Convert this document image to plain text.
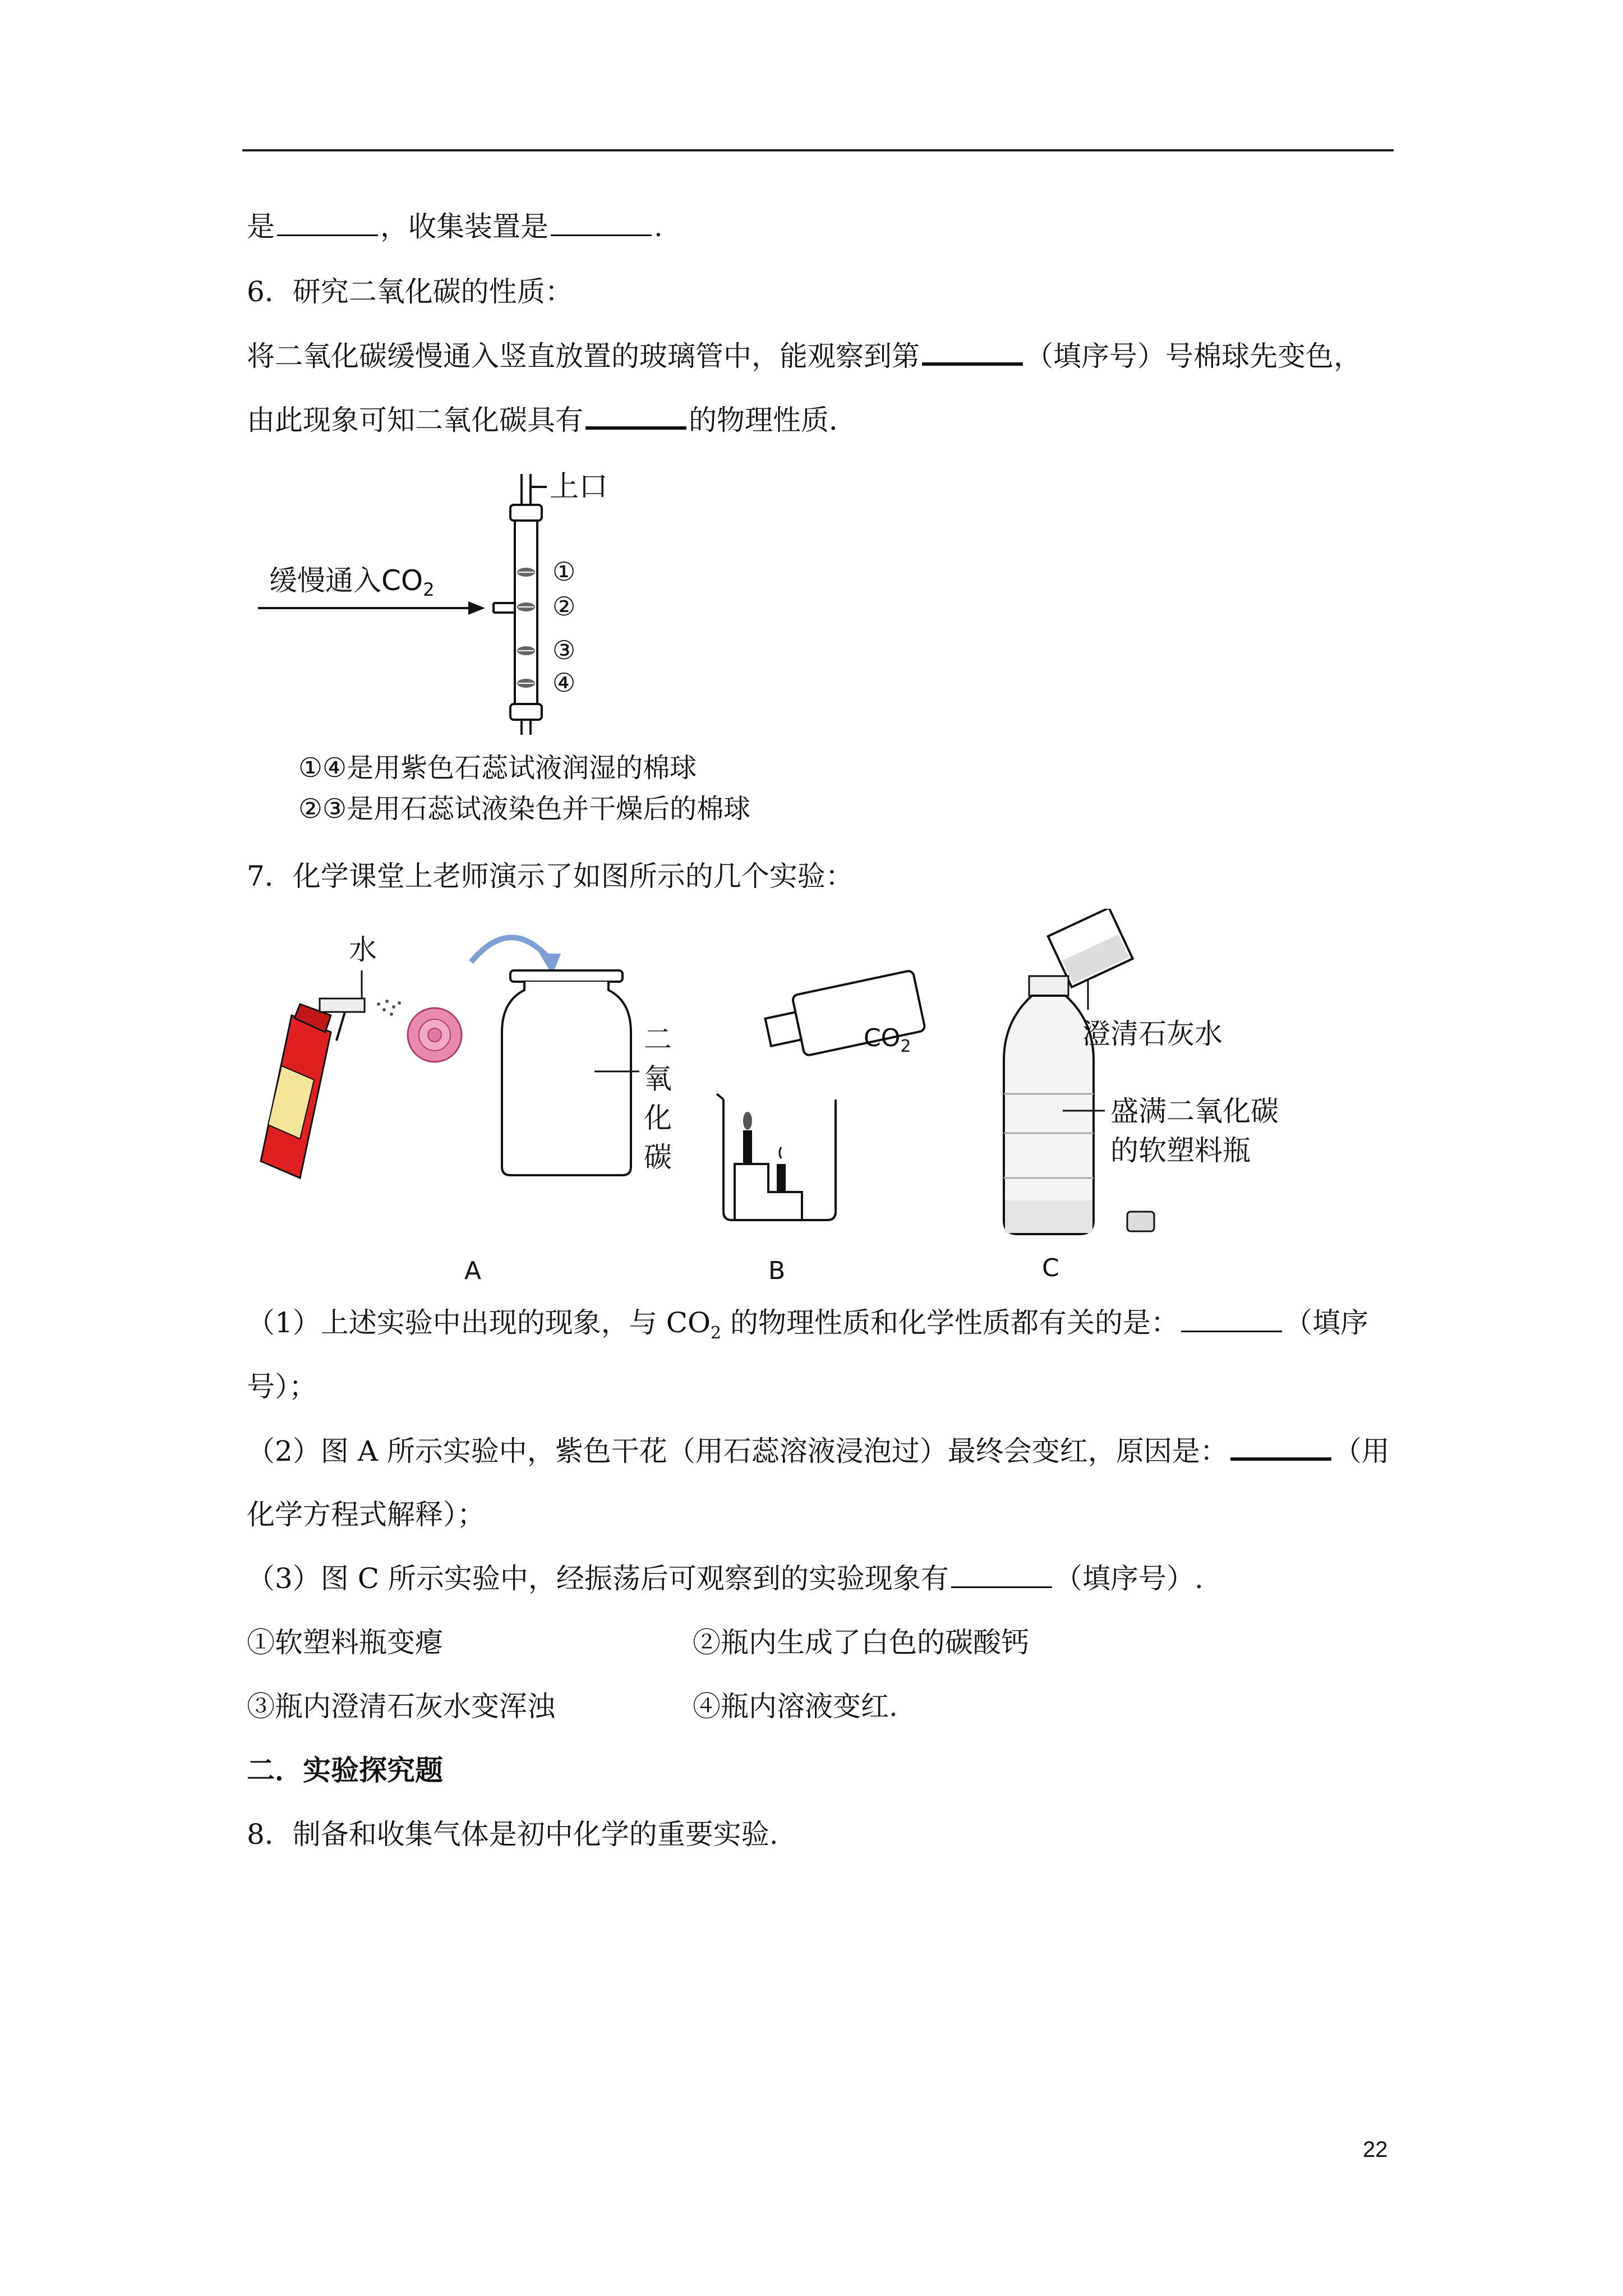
是	，收集装置是	.
6．研究二氧化碳的性质：
将二氧化碳缓慢通入竖直放置的玻璃管中，能观察到第	（填序号）号棉球先变色，
由此现象可知二氧化碳具有	的物理性质．
上口
缓慢通入$CO_2$
①
②
③
④
①④是用紫色石蕊试液润湿的棉球
②③是用石蕊试液染色并干燥后的棉球
7．化学课堂上老师演示了如图所示的几个实验：
水
二
氧
化
碳
A
$CO_2$
B
澄清石灰水
盛满二氧化碳
的软塑料瓶
C
（1）上述实验中出现的现象，与 $CO_2$ 的物理性质和化学性质都有关的是：	（填序
号）；
（2）图 A 所示实验中，紫色干花（用石蕊溶液浸泡过）最终会变红，原因是：	（用
化学方程式解释）；
（3）图 C 所示实验中，经振荡后可观察到的实验现象有	（填序号）.
①软塑料瓶变瘪	②瓶内生成了白色的碳酸钙
③瓶内澄清石灰水变浑浊	④瓶内溶液变红.
二．实验探究题
8．制备和收集气体是初中化学的重要实验.
22
